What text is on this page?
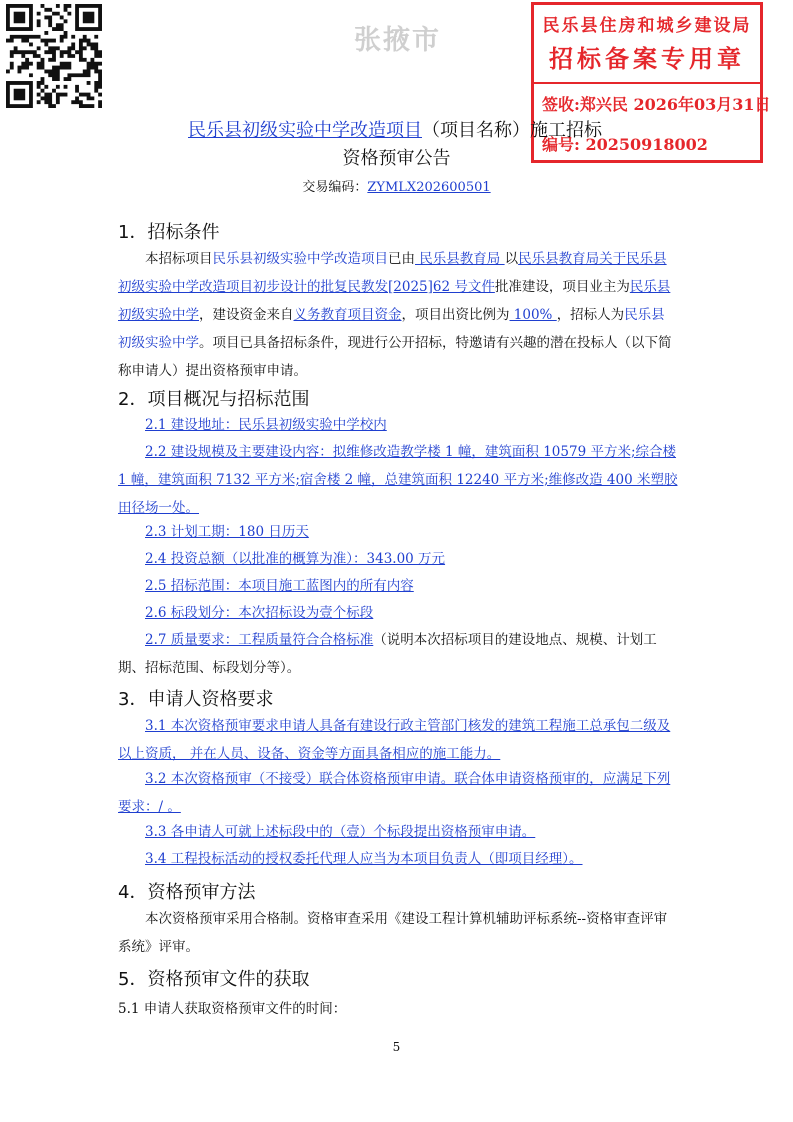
张掖市	民乐县住房和城乡建设局
招标备案专用章
签收:郑兴民 2026年03月31日
编号: 20250918002
民乐县初级实验中学改造项目（项目名称）施工招标
资格预审公告
交易编码：ZYMLX202600501
1．招标条件

本招标项目民乐县初级实验中学改造项目已由 民乐县教育局 以民乐县教育局关于民乐县初级实验中学改造项目初步设计的批复民教发[2025]62 号文件批准建设，项目业主为民乐县初级实验中学，建设资金来自义务教育项目资金，项目出资比例为 100% ，招标人为民乐县初级实验中学。项目已具备招标条件，现进行公开招标，特邀请有兴趣的潜在投标人（以下简称申请人）提出资格预审申请。

2．项目概况与招标范围

2.1 建设地址：民乐县初级实验中学校内

2.2 建设规模及主要建设内容：拟维修改造教学楼 1 幢，建筑面积 10579 平方米;综合楼 1 幢，建筑面积 7132 平方米;宿舍楼 2 幢，总建筑面积 12240 平方米;维修改造 400 米塑胶田径场一处。

2.3 计划工期：180 日历天

2.4 投资总额（以批准的概算为准）：343.00 万元

2.5 招标范围：本项目施工蓝图内的所有内容

2.6 标段划分：本次招标设为壹个标段

2.7 质量要求：工程质量符合合格标准（说明本次招标项目的建设地点、规模、计划工期、招标范围、标段划分等）。

3．申请人资格要求

3.1 本次资格预审要求申请人具备有建设行政主管部门核发的建筑工程施工总承包二级及以上资质， 并在人员、设备、资金等方面具备相应的施工能力。

3.2 本次资格预审（不接受）联合体资格预审申请。联合体申请资格预审的，应满足下列要求：/ 。

3.3 各申请人可就上述标段中的（壹）个标段提出资格预审申请。

3.4 工程投标活动的授权委托代理人应当为本项目负责人（即项目经理）。

4．资格预审方法

本次资格预审采用合格制。资格审查采用《建设工程计算机辅助评标系统--资格审查评审系统》评审。

5．资格预审文件的获取

5.1 申请人获取资格预审文件的时间：

5
